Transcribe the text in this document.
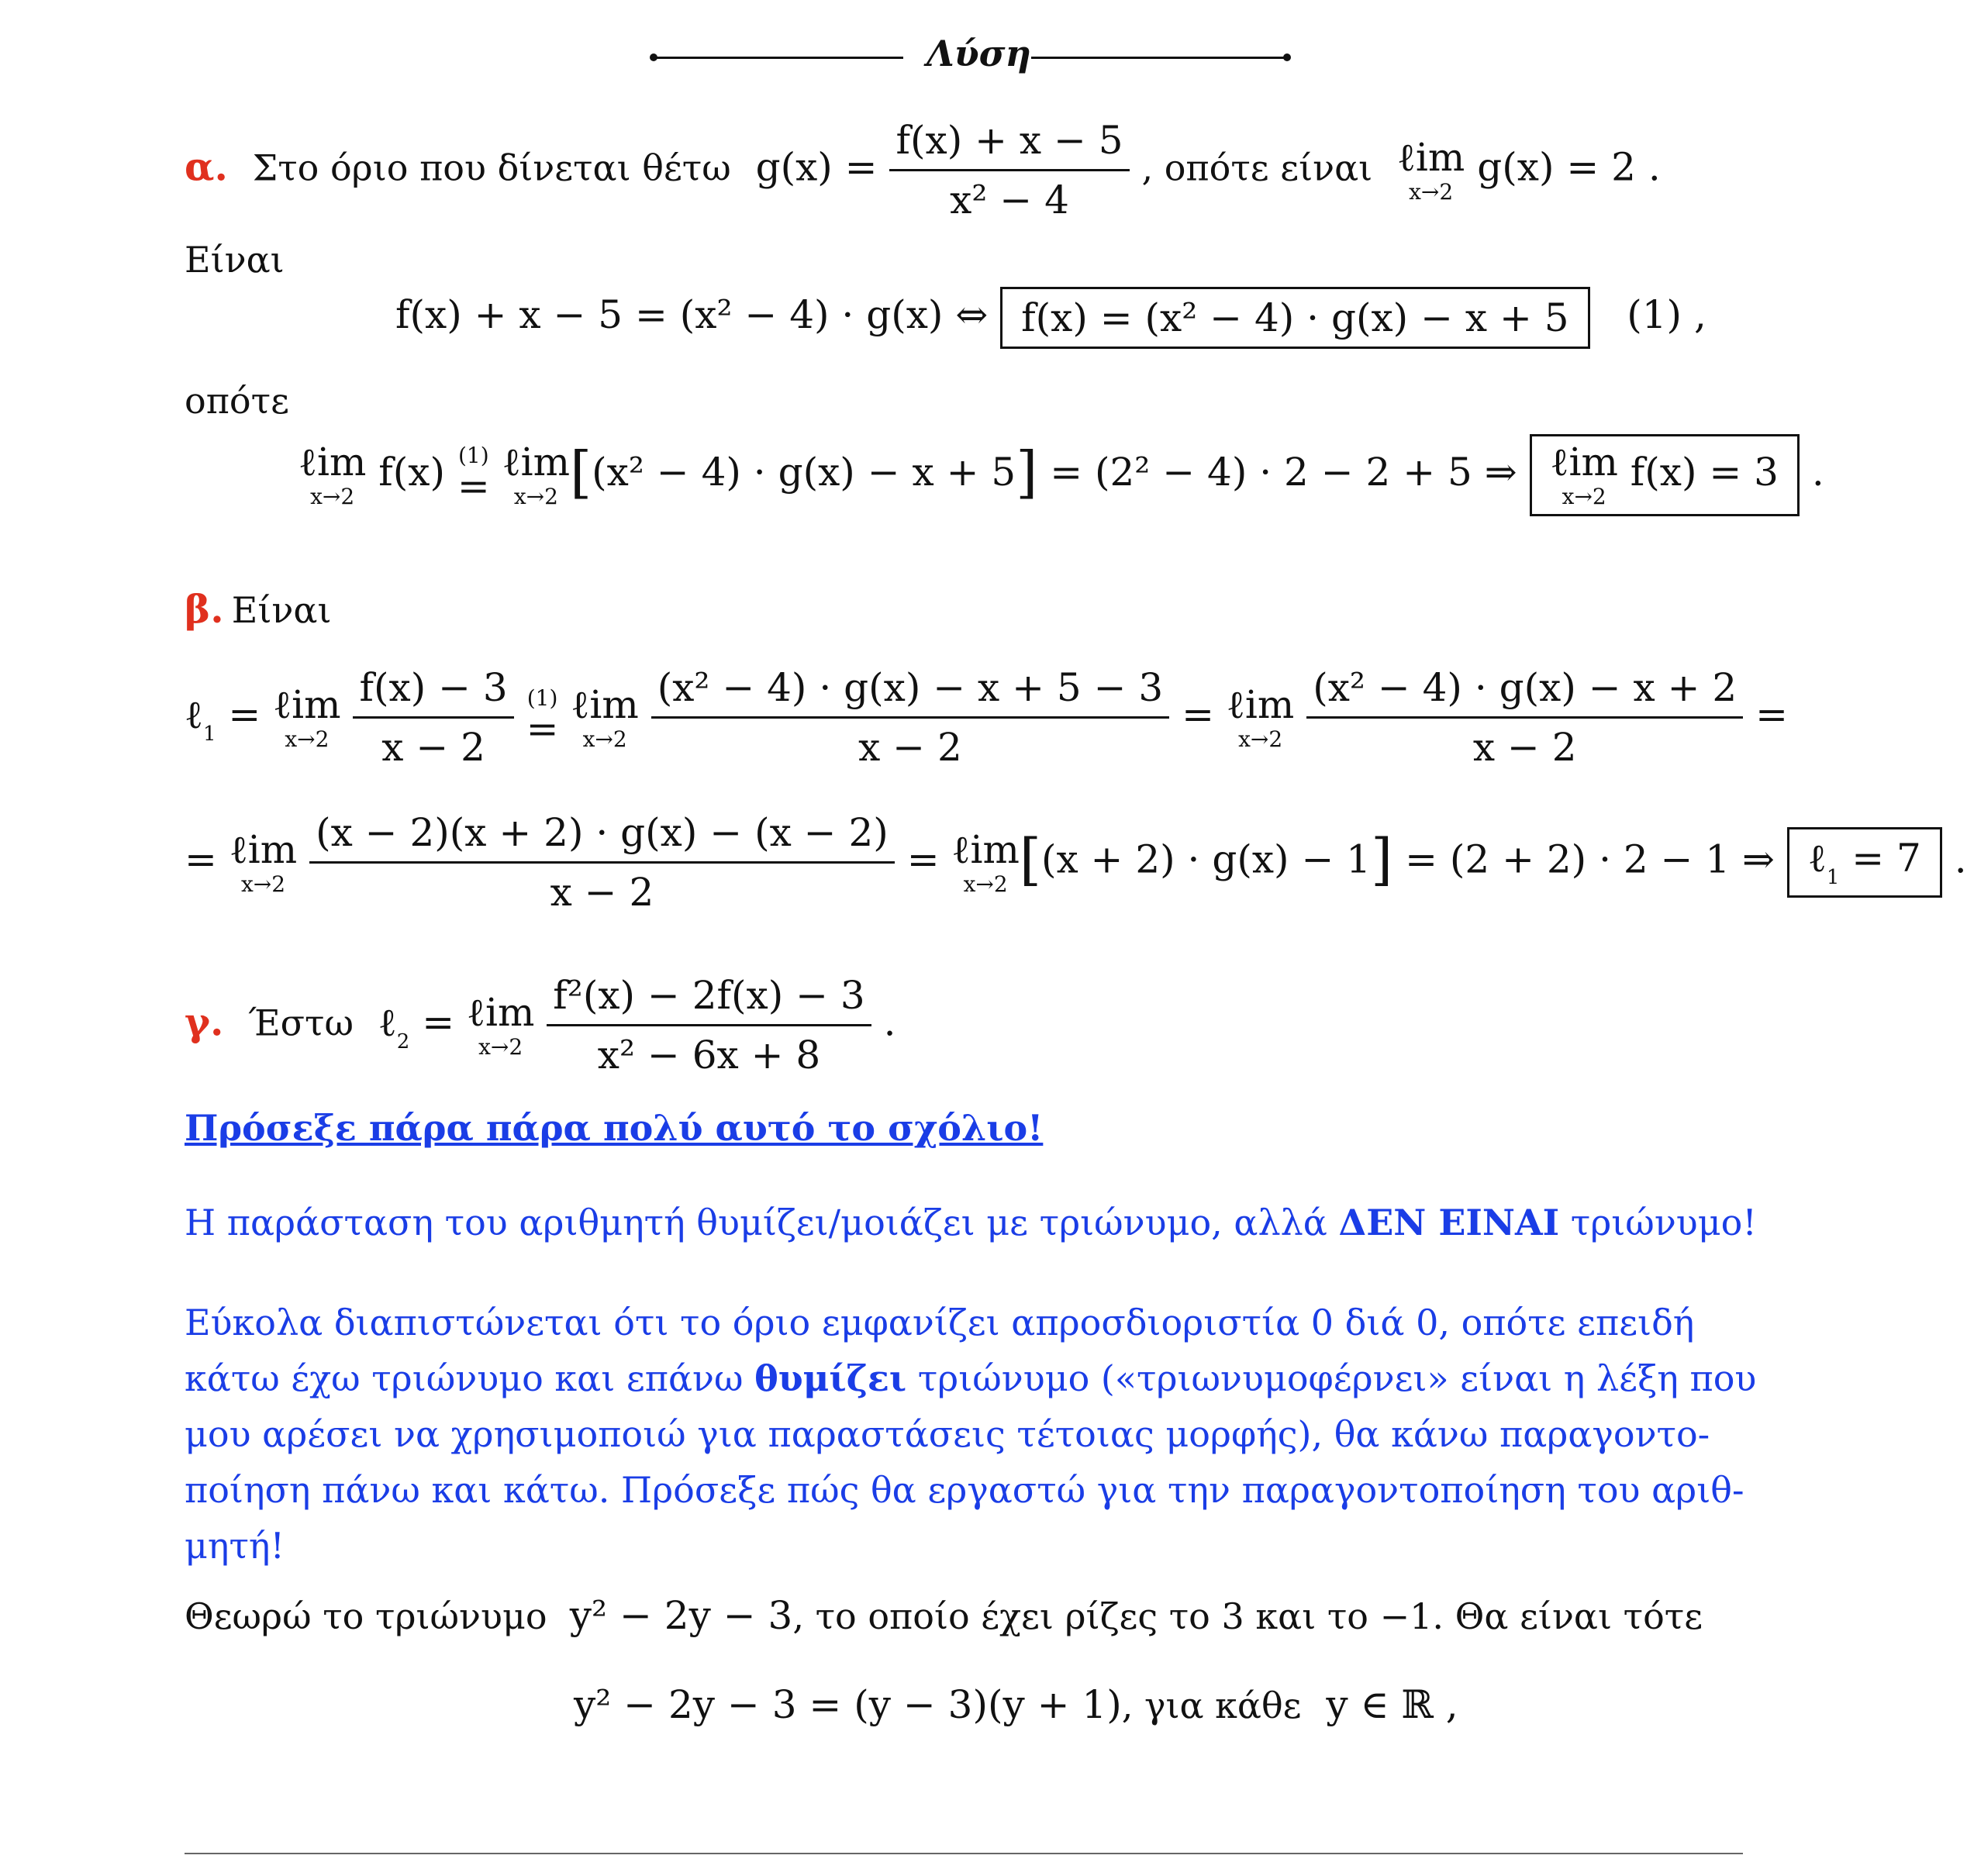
Λύση
α. Στο όριο που δίνεται θέτω $g(x) = \frac{f(x) + x - 5}{\text{x² − 4}}$ , οπότε είναι ℓim
x→2
g(x) = 2 .
Είναι
f(x) + x − 5 = (x² − 4) · g(x) ⇔ f(x) = (x² − 4) · g(x) − x + 5 (1) ,
οπότε
ℓim
x→2
f(x) (1)
=

ℓim
x→2 [(x² − 4) · g(x) − x + 5] = (2² − 4) · 2 − 2 + 5 ⇒ ℓim
x→2
f(x) = 3 .
β. Είναι
ℓ$_1$ = ℓim
x→2
$\frac{f(x) - 3}{x - 2}$
(1)
=

ℓim
x→2
$\frac{\text{(x² − 4) · g(x) − x + 5 − 3}}{x - 2}$ = ℓim
x→2
$\frac{\text{(x² − 4) · g(x) − x + 2}}{x - 2}$ =
= ℓim
x→2
$\frac{(x - 2)(x + 2) \cdot g(x) - (x - 2)}{x - 2}$ = ℓim
x→2 [(x + 2) · g(x) − 1] = (2 + 2) · 2 − 1 ⇒ ℓ$_1$ = 7 .
γ. Έστω ℓ$_2$ = ℓim
x→2
$\frac{\text{f²(x) − 2f(x) − 3}}{\text{x² − 6x + 8}}$ .
Πρόσεξε πάρα πάρα πολύ αυτό το σχόλιο!
Η παράσταση του αριθμητή θυμίζει/μοιάζει με τριώνυμο, αλλά ΔΕΝ ΕΙΝΑΙ τριώνυμο!
Εύκολα διαπιστώνεται ότι το όριο εμφανίζει απροσδιοριστία 0 διά 0, οπότε επειδή
κάτω έχω τριώνυμο και επάνω θυμίζει τριώνυμο («τριωνυμοφέρνει» είναι η λέξη που
μου αρέσει να χρησιμοποιώ για παραστάσεις τέτοιας μορφής), θα κάνω παραγοντο-
ποίηση πάνω και κάτω. Πρόσεξε πώς θα εργαστώ για την παραγοντοποίηση του αριθ-
μητή!
Θεωρώ το τριώνυμο y² − 2y − 3, το οποίο έχει ρίζες το 3 και το −1. Θα είναι τότε
y² − 2y − 3 = (y − 3)(y + 1), για κάθε y ∈ ℝ ,
